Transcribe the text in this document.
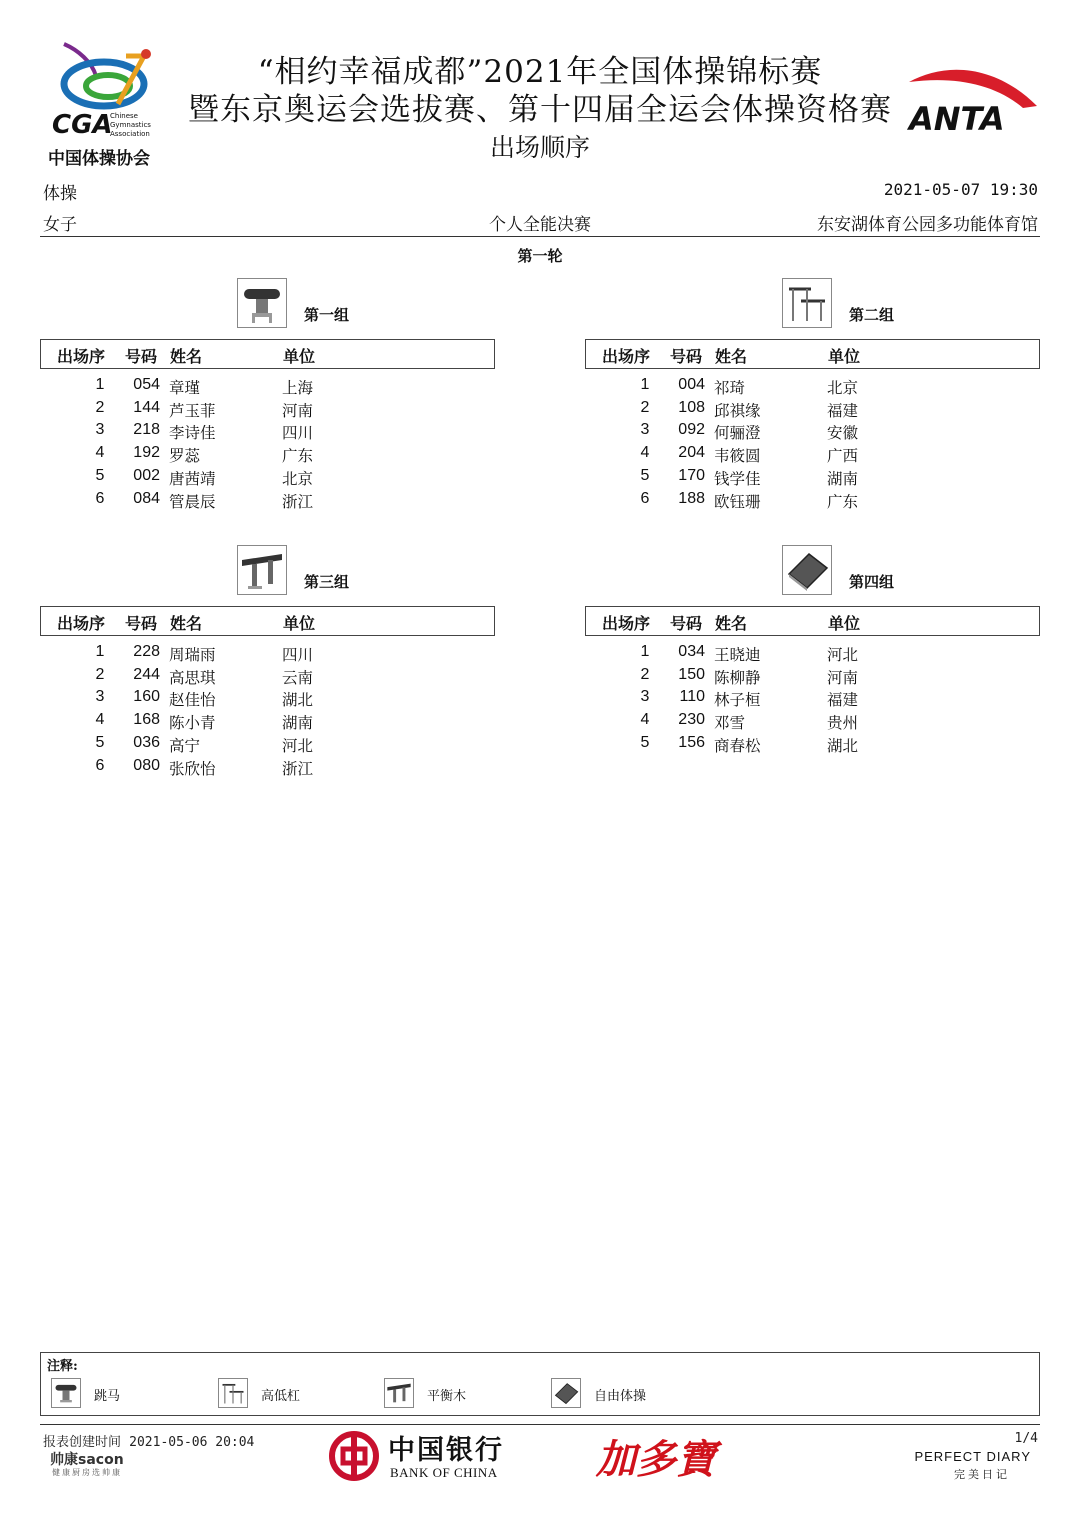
CGA
Chinese
Gymnastics
Association
中国体操协会
ANTA
“相约幸福成都”2021年全国体操锦标赛
暨东京奥运会选拔赛、第十四届全运会体操资格赛
出场顺序
体操	2021-05-07 19:30
女子	个人全能决赛	东安湖体育公园多功能体育馆
第一轮
第一组
出场序 号码 姓名	单位
1	054 章瑾	上海
2	144 芦玉菲	河南
3	218 李诗佳	四川
4	192 罗蕊	广东
5	002 唐茜靖	北京
6	084 管晨辰	浙江
第二组
出场序 号码 姓名	单位
1	004 祁琦	北京
2	108 邱祺缘	福建
3	092 何骊澄	安徽
4	204 韦筱圆	广西
5	170 钱学佳	湖南
6	188 欧钰珊	广东
第三组
出场序 号码 姓名	单位
1	228 周瑞雨	四川
2	244 高思琪	云南
3	160 赵佳怡	湖北
4	168 陈小青	湖南
5	036 高宁	河北
6	080 张欣怡	浙江
第四组
出场序 号码 姓名	单位
1	034 王晓迪	河北
2	150 陈柳静	河南
3	110 林子桓	福建
4	230 邓雪	贵州
5	156 商春松	湖北
注释:
跳马	高低杠	平衡木	自由体操
报表创建时间 2021-05-06 20:04
帅康sacon
健康厨房选帅康
中国银行
BANK OF CHINA 加多寶	1/4
PERFECT DIARY
完美日记
